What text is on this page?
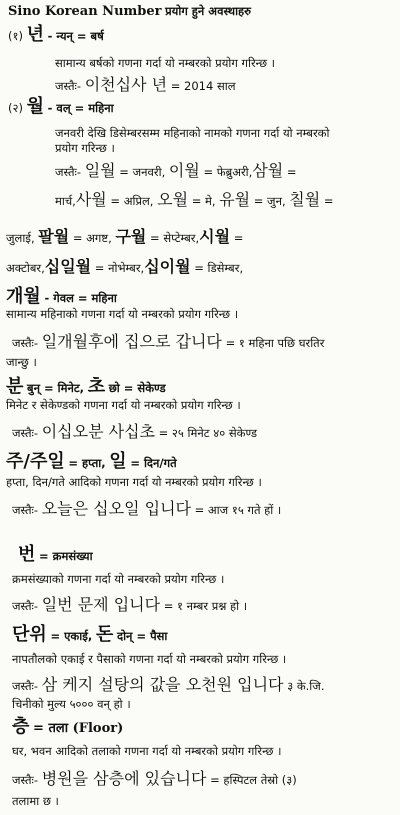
Sino Korean Number प्रयोग हुने अवस्थाहरु
(१) 년 - न्यन् = बर्ष
सामान्य बर्षको गणना गर्दा यो नम्बरको प्रयोग गरिन्छ ।
जस्तैः- 이천십사 년 = 2014 साल
(२) 월 - वल् = महिना
जनवरी देखि डिसेम्बरसम्म महिनाको नामको गणना गर्दा यो नम्बरको
प्रयोग गरिन्छ ।
जस्तैः- 일월 = जनवरी, 이월 = फेब्रुअरी,삼월 =
मार्च,사월 = अप्रिल, 오월 = मे, 유월 = जुन, 칠월 =
जुलाई, 팔월 = अगष्ट, 구월 = सेप्टेम्बर,시월 =
अक्टोबर,십일월 = नोभेम्बर,십이월 = डिसेम्बर,
개월 - गेवल = महिना
सामान्य महिनाको गणना गर्दा यो नम्बरको प्रयोग गरिन्छ ।
जस्तैः- 일개월후에 집으로 갑니다 = १ महिना पछि घरतिर
जान्छु ।
분 बुन् = मिनेट, 초 छो = सेकेण्ड
मिनेट र सेकेण्डको गणना गर्दा यो नम्बरको प्रयोग गरिन्छ ।
जस्तैः- 이십오분 사십초 = २५ मिनेट ४० सेकेण्ड
주/주일 = हप्ता, 일 = दिन/गते
हप्ता, दिन/गते आदिको गणना गर्दा यो नम्बरको प्रयोग गरिन्छ ।
जस्तैः- 오늘은 십오일 입니다 = आज १५ गते हों ।
번 = क्रमसंख्या
क्रमसंख्याको गणना गर्दा यो नम्बरको प्रयोग गरिन्छ ।
जस्तैः- 일번 문제 입니다 = १ नम्बर प्रश्न हो ।
단위 = एकाई, 돈 दोन् = पैसा
नापतौलको एकाई र पैसाको गणना गर्दा यो नम्बरको प्रयोग गरिन्छ ।
जस्तैः- 삼 케지 설탕의 값을 오천원 입니다 ३ के.जि.
चिनीको मुल्य ५००० वन् हो ।
층 = तला (Floor)
घर, भवन आदिको तलाको गणना गर्दा यो नम्बरको प्रयोग गरिन्छ ।
जस्तैः- 병원을 삼층에 있습니다 = हस्पिटल तेस्रो (३)
तलामा छ ।
